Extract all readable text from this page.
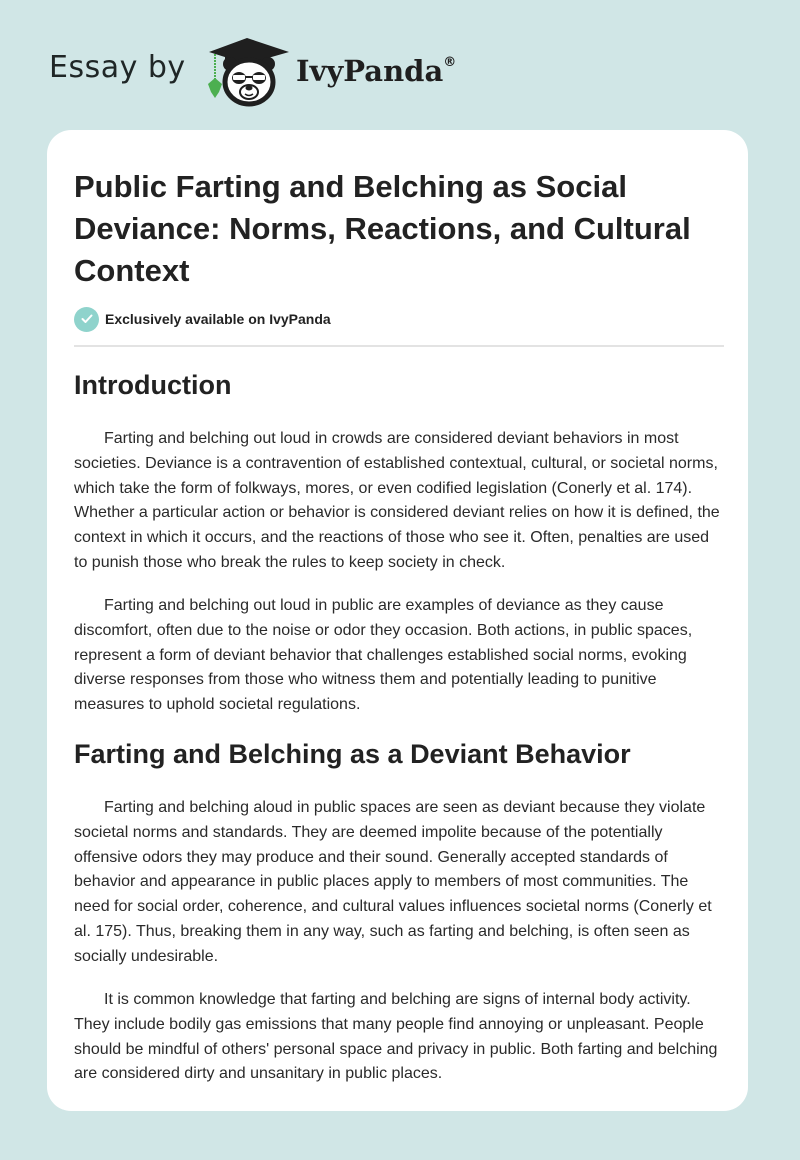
Essay by	IvyPanda®
Public Farting and Belching as Social Deviance: Norms, Reactions, and Cultural Context
Exclusively available on IvyPanda
Introduction

Farting and belching out loud in crowds are considered deviant behaviors in most societies. Deviance is a contravention of established contextual, cultural, or societal norms, which take the form of folkways, mores, or even codified legislation (Conerly et al. 174). Whether a particular action or behavior is considered deviant relies on how it is defined, the context in which it occurs, and the reactions of those who see it. Often, penalties are used to punish those who break the rules to keep society in check.

Farting and belching out loud in public are examples of deviance as they cause discomfort, often due to the noise or odor they occasion. Both actions, in public spaces, represent a form of deviant behavior that challenges established social norms, evoking diverse responses from those who witness them and potentially leading to punitive measures to uphold societal regulations.

Farting and Belching as a Deviant Behavior

Farting and belching aloud in public spaces are seen as deviant because they violate societal norms and standards. They are deemed impolite because of the potentially offensive odors they may produce and their sound. Generally accepted standards of behavior and appearance in public places apply to members of most communities. The need for social order, coherence, and cultural values influences societal norms (Conerly et al. 175). Thus, breaking them in any way, such as farting and belching, is often seen as socially undesirable.

It is common knowledge that farting and belching are signs of internal body activity. They include bodily gas emissions that many people find annoying or unpleasant. People should be mindful of others' personal space and privacy in public. Both farting and belching are considered dirty and unsanitary in public places.
